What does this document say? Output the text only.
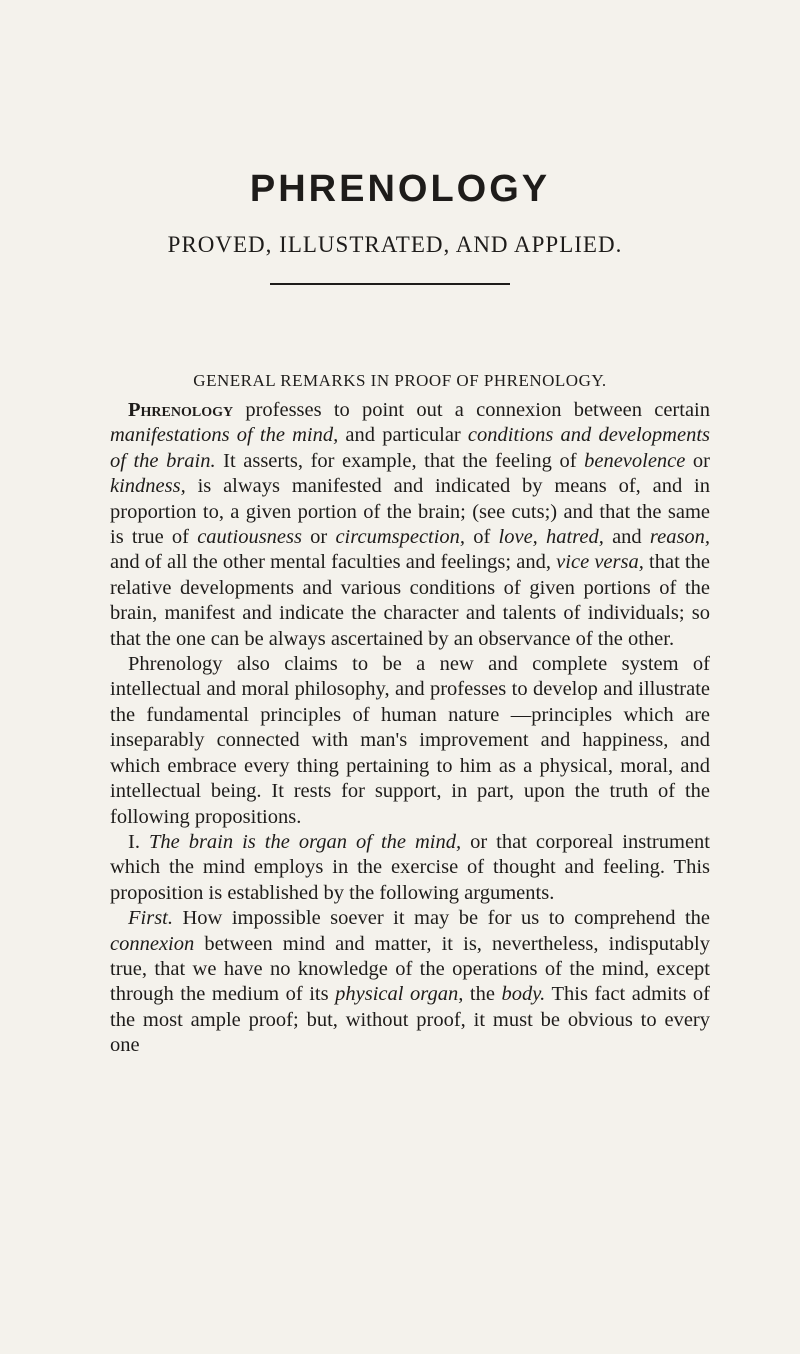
PHRENOLOGY
PROVED, ILLUSTRATED, AND APPLIED.
GENERAL REMARKS IN PROOF OF PHRENOLOGY.

Phrenology professes to point out a connexion between certain manifestations of the mind, and particular conditions and developments of the brain. It asserts, for example, that the feeling of benevolence or kindness, is always manifested and indicated by means of, and in proportion to, a given portion of the brain; (see cuts;) and that the same is true of cautiousness or circumspection, of love, hatred, and reason, and of all the other mental faculties and feelings; and, vice versa, that the relative developments and various conditions of given portions of the brain, manifest and indicate the character and talents of individuals; so that the one can be always ascertained by an observance of the other.

Phrenology also claims to be a new and complete system of intellectual and moral philosophy, and professes to develop and illustrate the fundamental principles of human nature —principles which are inseparably connected with man's improvement and happiness, and which embrace every thing pertaining to him as a physical, moral, and intellectual being. It rests for support, in part, upon the truth of the following propositions.

I. The brain is the organ of the mind, or that corporeal instrument which the mind employs in the exercise of thought and feeling. This proposition is established by the following arguments.

First. How impossible soever it may be for us to comprehend the connexion between mind and matter, it is, nevertheless, indisputably true, that we have no knowledge of the operations of the mind, except through the medium of its physical organ, the body. This fact admits of the most ample proof; but, without proof, it must be obvious to every one
